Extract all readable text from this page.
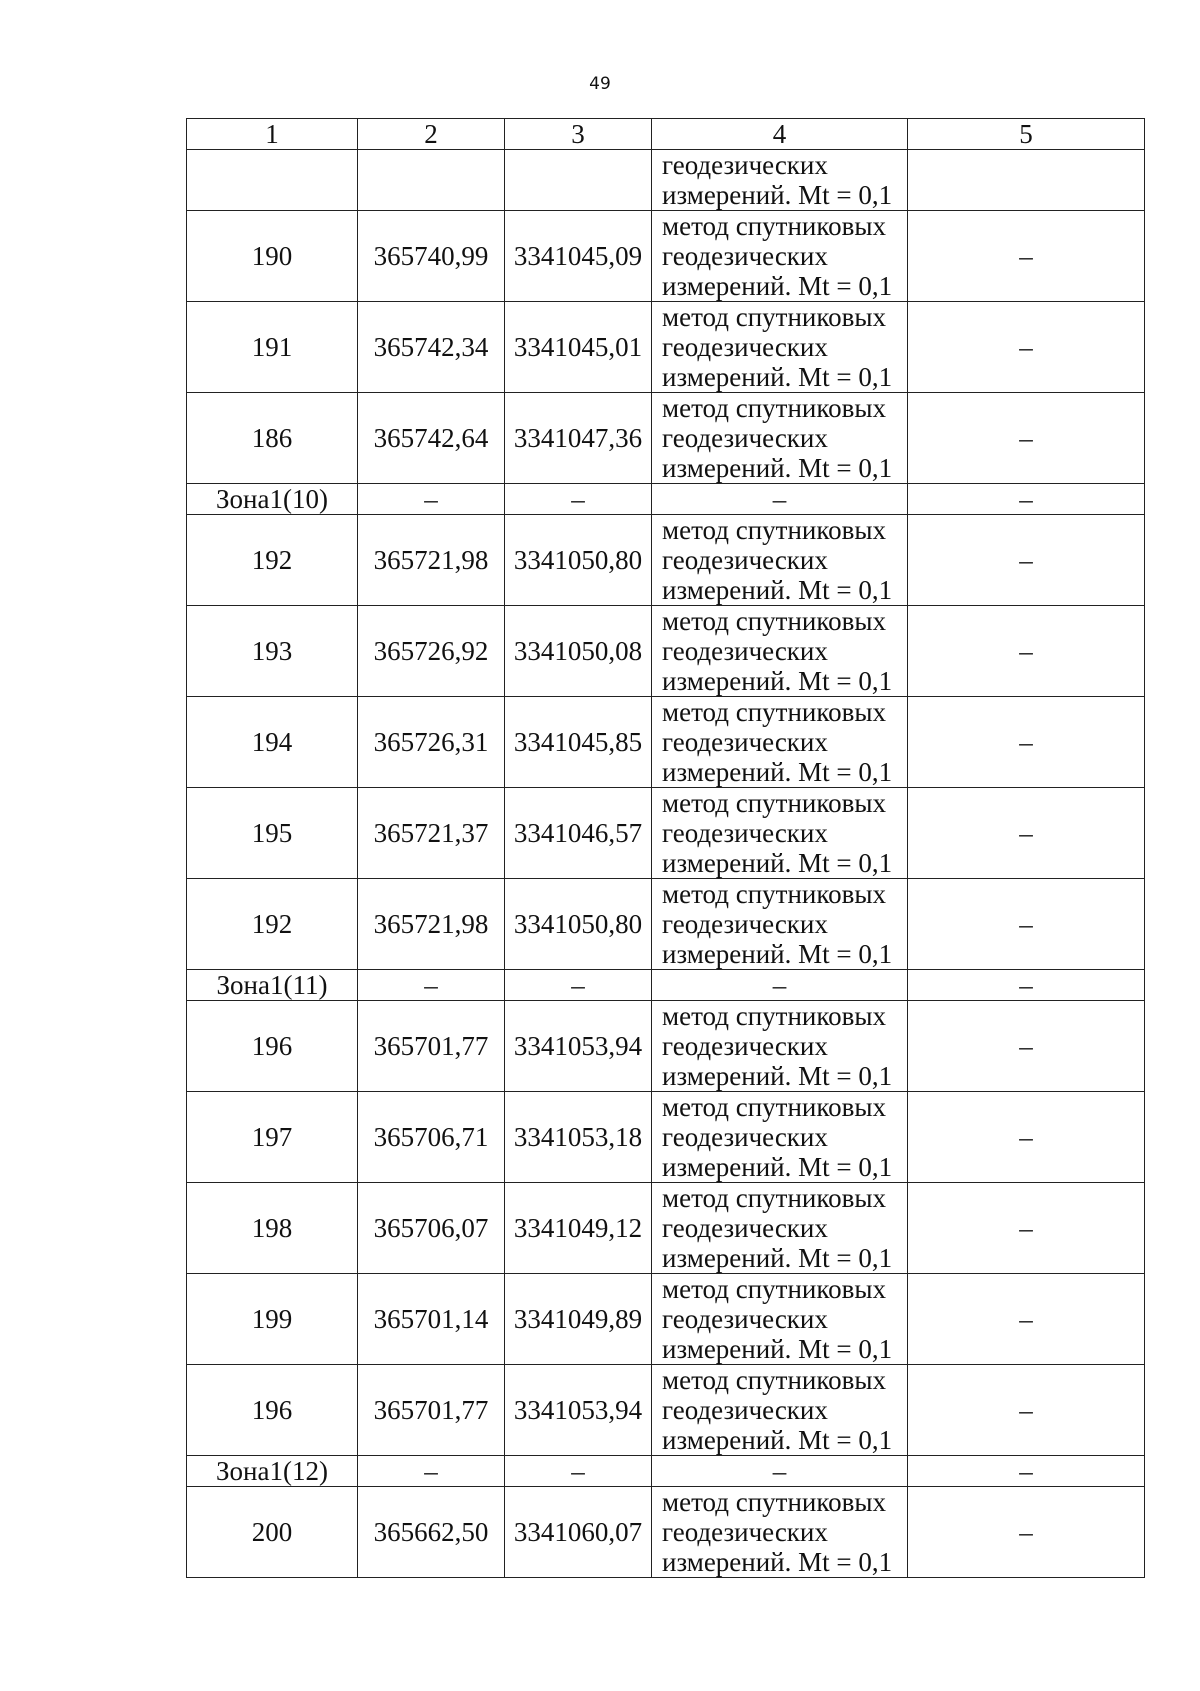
49
1	2	3	4	5

			геодезических
измерений. Mt = 0,1	

190	365740,99	3341045,09	метод спутниковых
геодезических
измерений. Mt = 0,1	–
191	365742,34	3341045,01	метод спутниковых
геодезических
измерений. Mt = 0,1	–
186	365742,64	3341047,36	метод спутниковых
геодезических
измерений. Mt = 0,1	–
Зона1(10)	–	–	–	–
192	365721,98	3341050,80	метод спутниковых
геодезических
измерений. Mt = 0,1	–
193	365726,92	3341050,08	метод спутниковых
геодезических
измерений. Mt = 0,1	–
194	365726,31	3341045,85	метод спутниковых
геодезических
измерений. Mt = 0,1	–
195	365721,37	3341046,57	метод спутниковых
геодезических
измерений. Mt = 0,1	–
192	365721,98	3341050,80	метод спутниковых
геодезических
измерений. Mt = 0,1	–
Зона1(11)	–	–	–	–
196	365701,77	3341053,94	метод спутниковых
геодезических
измерений. Mt = 0,1	–
197	365706,71	3341053,18	метод спутниковых
геодезических
измерений. Mt = 0,1	–
198	365706,07	3341049,12	метод спутниковых
геодезических
измерений. Mt = 0,1	–
199	365701,14	3341049,89	метод спутниковых
геодезических
измерений. Mt = 0,1	–
196	365701,77	3341053,94	метод спутниковых
геодезических
измерений. Mt = 0,1	–
Зона1(12)	–	–	–	–
200	365662,50	3341060,07	метод спутниковых
геодезических
измерений. Mt = 0,1	–
